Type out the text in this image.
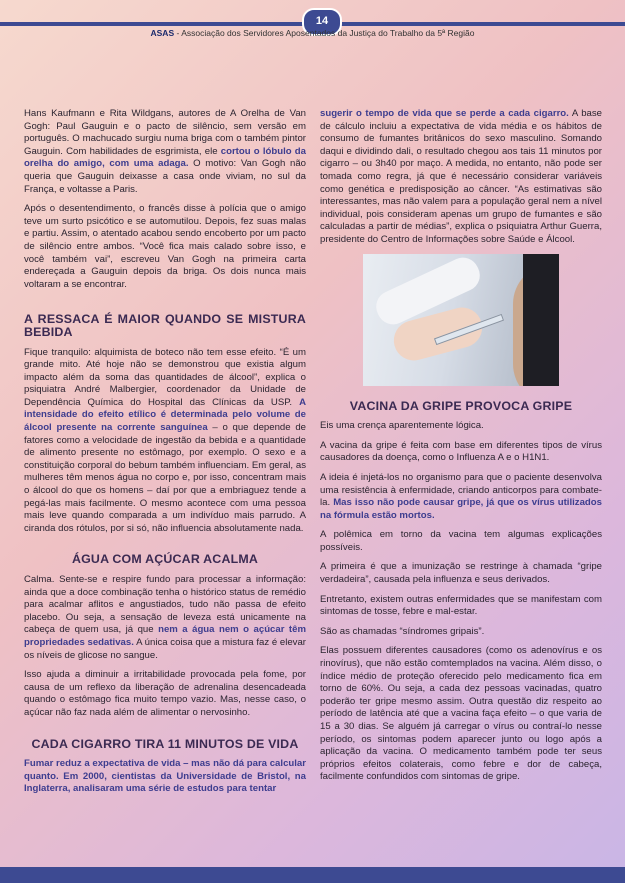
14
ASAS - Associação dos Servidores Aposentados da Justiça do Trabalho da 5ª Região

Hans Kaufmann e Rita Wildgans, autores de A Orelha de Van Gogh: Paul Gauguin e o pacto de silêncio, sem versão em português. O machucado surgiu numa briga com o também pintor Gauguin. Com habilidades de esgrimista, ele cortou o lóbulo da orelha do amigo, com uma adaga. O motivo: Van Gogh não queria que Gauguin deixasse a casa onde viviam, no sul da França, e voltasse a Paris.

Após o desentendimento, o francês disse à polícia que o amigo teve um surto psicótico e se automutilou. Depois, fez suas malas e partiu. Assim, o atentado acabou sendo encoberto por um pacto de silêncio entre ambos. “Você fica mais calado sobre isso, e você também vai”, escreveu Van Gogh na primeira carta endereçada a Gauguin depois da briga. Os dois nunca mais voltaram a se encontrar.

A RESSACA É MAIOR QUANDO SE MISTURA BEBIDA

Fique tranquilo: alquimista de boteco não tem esse efeito. “É um grande mito. Até hoje não se demonstrou que existia algum impacto além da soma das quantidades de álcool”, explica o psiquiatra André Malbergier, coordenador da Unidade de Dependência Química do Hospital das Clínicas da USP. A intensidade do efeito etílico é determinada pelo volume de álcool presente na corrente sanguínea – o que depende de fatores como a velocidade de ingestão da bebida e a quantidade de alimento presente no estômago, por exemplo. O sexo e a constituição corporal do bebum também influenciam. Em geral, as mulheres têm menos água no corpo e, por isso, concentram mais o álcool do que os homens – daí por que a embriaguez tende a pegá-las mais facilmente. O mesmo acontece com uma pessoa mais leve quando comparada a um indivíduo mais parrudo. A ciranda dos rótulos, por si só, não influencia absolutamente nada.

ÁGUA COM AÇÚCAR ACALMA

Calma. Sente-se e respire fundo para processar a informação: ainda que a doce combinação tenha o histórico status de remédio para acalmar aflitos e angustiados, tudo não passa de efeito placebo. Ou seja, a sensação de leveza está unicamente na cabeça de quem usa, já que nem a água nem o açúcar têm propriedades sedativas. A única coisa que a mistura faz é elevar os níveis de glicose no sangue.

Isso ajuda a diminuir a irritabilidade provocada pela fome, por causa de um reflexo da liberação de adrenalina desencadeada quando o estômago fica muito tempo vazio. Mas, nesse caso, o açúcar não faz nada além de alimentar o nervosinho.

CADA CIGARRO TIRA 11 MINUTOS DE VIDA

Fumar reduz a expectativa de vida – mas não dá para calcular quanto. Em 2000, cientistas da Universidade de Bristol, na Inglaterra, analisaram uma série de estudos para tentar

sugerir o tempo de vida que se perde a cada cigarro. A base de cálculo incluiu a expectativa de vida média e os hábitos de consumo de fumantes britânicos do sexo masculino. Somando daqui e dividindo dali, o resultado chegou aos tais 11 minutos por cigarro – ou 3h40 por maço. A medida, no entanto, não pode ser tomada como regra, já que é necessário considerar variáveis como genética e predisposição ao câncer. “As estimativas são interessantes, mas não valem para a população geral nem a nível individual, pois consideram apenas um grupo de fumantes e são calculadas a partir de médias”, explica o psiquiatra Arthur Guerra, presidente do Centro de Informações sobre Saúde e Álcool.

VACINA DA GRIPE PROVOCA GRIPE

Eis uma crença aparentemente lógica.

A vacina da gripe é feita com base em diferentes tipos de vírus causadores da doença, como o Influenza A e o H1N1.

A ideia é injetá-los no organismo para que o paciente desenvolva uma resistência à enfermidade, criando anticorpos para combate-la. Mas isso não pode causar gripe, já que os vírus utilizados na fórmula estão mortos.

A polêmica em torno da vacina tem algumas explicações possíveis.

A primeira é que a imunização se restringe à chamada “gripe verdadeira”, causada pela influenza e seus derivados.

Entretanto, existem outras enfermidades que se manifestam com sintomas de tosse, febre e mal-estar.

São as chamadas “síndromes gripais”.

Elas possuem diferentes causadores (como os adenovírus e os rinovírus), que não estão comtemplados na vacina. Além disso, o índice médio de proteção oferecido pelo medicamento fica em torno de 60%. Ou seja, a cada dez pessoas vacinadas, quatro poderão ter gripe mesmo assim. Outra questão diz respeito ao período de latência até que a vacina faça efeito – o que varia de 15 a 30 dias. Se alguém já carregar o vírus ou contraí-lo nesse período, os sintomas podem aparecer junto ou logo após a aplicação da vacina. O medicamento também pode ter seus próprios efeitos colaterais, como febre e dor de cabeça, facilmente confundidos com sintomas de gripe.
